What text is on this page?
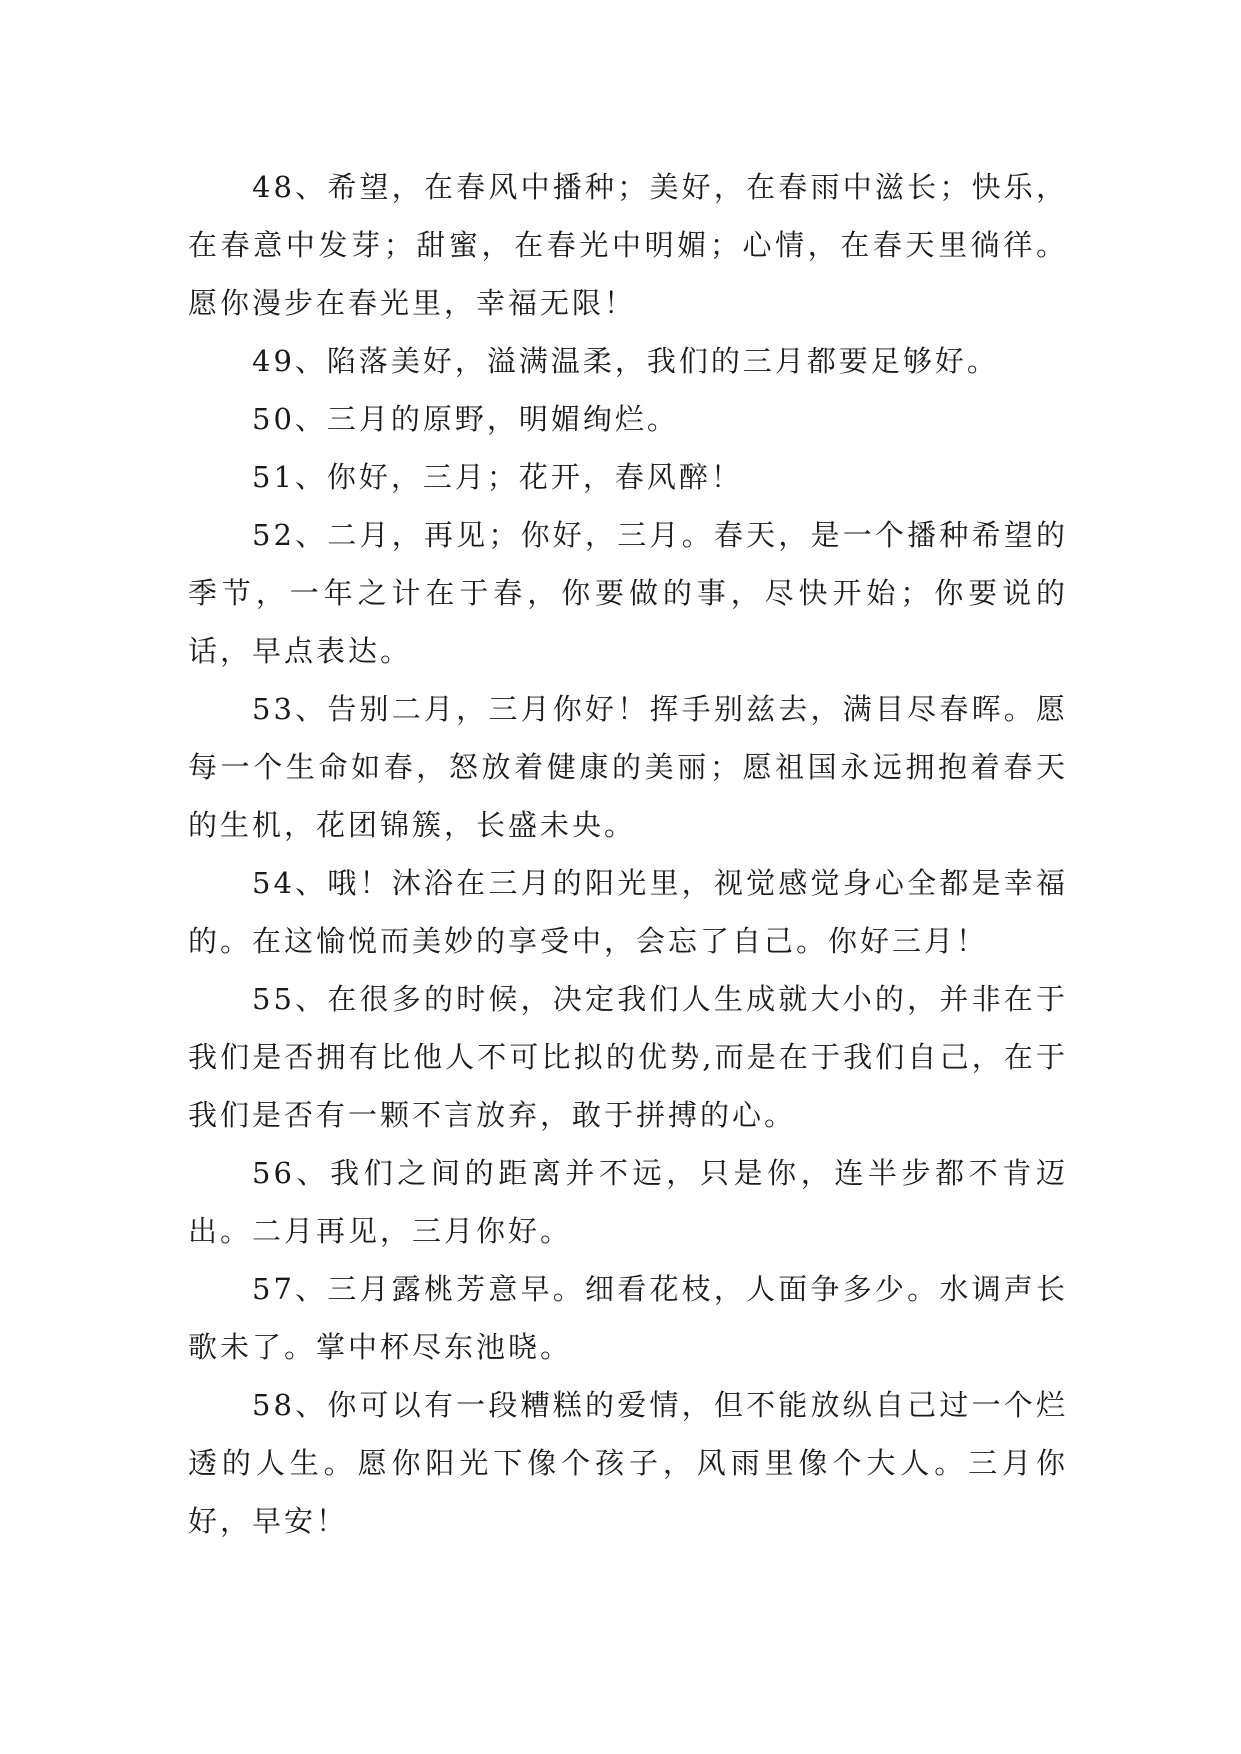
48、希望，在春风中播种；美好，在春雨中滋长；快乐，在春意中发芽；甜蜜，在春光中明媚；心情，在春天里徜徉。愿你漫步在春光里，幸福无限！

49、陷落美好，溢满温柔，我们的三月都要足够好。

50、三月的原野，明媚绚烂。

51、你好，三月；花开，春风醉！

52、二月，再见；你好，三月。春天，是一个播种希望的季节，一年之计在于春，你要做的事，尽快开始；你要说的话，早点表达。

53、告别二月，三月你好！挥手别兹去，满目尽春晖。愿每一个生命如春，怒放着健康的美丽；愿祖国永远拥抱着春天的生机，花团锦簇，长盛未央。

54、哦！沐浴在三月的阳光里，视觉感觉身心全都是幸福的。在这愉悦而美妙的享受中，会忘了自己。你好三月！

55、在很多的时候，决定我们人生成就大小的，并非在于我们是否拥有比他人不可比拟的优势,而是在于我们自己，在于我们是否有一颗不言放弃，敢于拼搏的心。

56、我们之间的距离并不远，只是你，连半步都不肯迈出。二月再见，三月你好。

57、三月露桃芳意早。细看花枝，人面争多少。水调声长歌未了。掌中杯尽东池晓。

58、你可以有一段糟糕的爱情，但不能放纵自己过一个烂透的人生。愿你阳光下像个孩子，风雨里像个大人。三月你好，早安！
